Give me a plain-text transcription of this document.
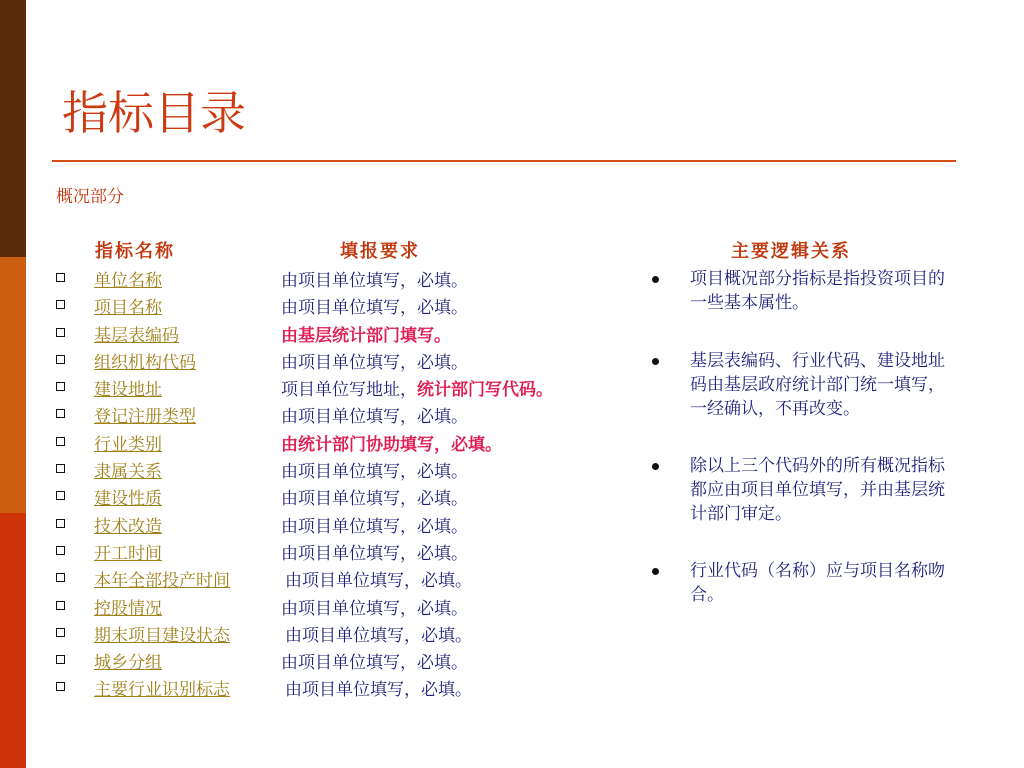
指标目录
概况部分
指标名称	填报要求	主要逻辑关系
单位名称	由项目单位填写，必填。
项目名称	由项目单位填写，必填。
基层表编码	由基层统计部门填写。
组织机构代码	由项目单位填写，必填。
建设地址	项目单位写地址，统计部门写代码。
登记注册类型	由项目单位填写，必填。
行业类别	由统计部门协助填写，必填。
隶属关系	由项目单位填写，必填。
建设性质	由项目单位填写，必填。
技术改造	由项目单位填写，必填。
开工时间	由项目单位填写，必填。
本年全部投产时间	由项目单位填写，必填。
控股情况	由项目单位填写，必填。
期末项目建设状态	由项目单位填写，必填。
城乡分组	由项目单位填写，必填。
主要行业识别标志	由项目单位填写，必填。
项目概况部分指标是指投资项目的一些基本属性。
基层表编码、行业代码、建设地址码由基层政府统计部门统一填写，一经确认，不再改变。
除以上三个代码外的所有概况指标都应由项目单位填写，并由基层统计部门审定。
行业代码（名称）应与项目名称吻合。
